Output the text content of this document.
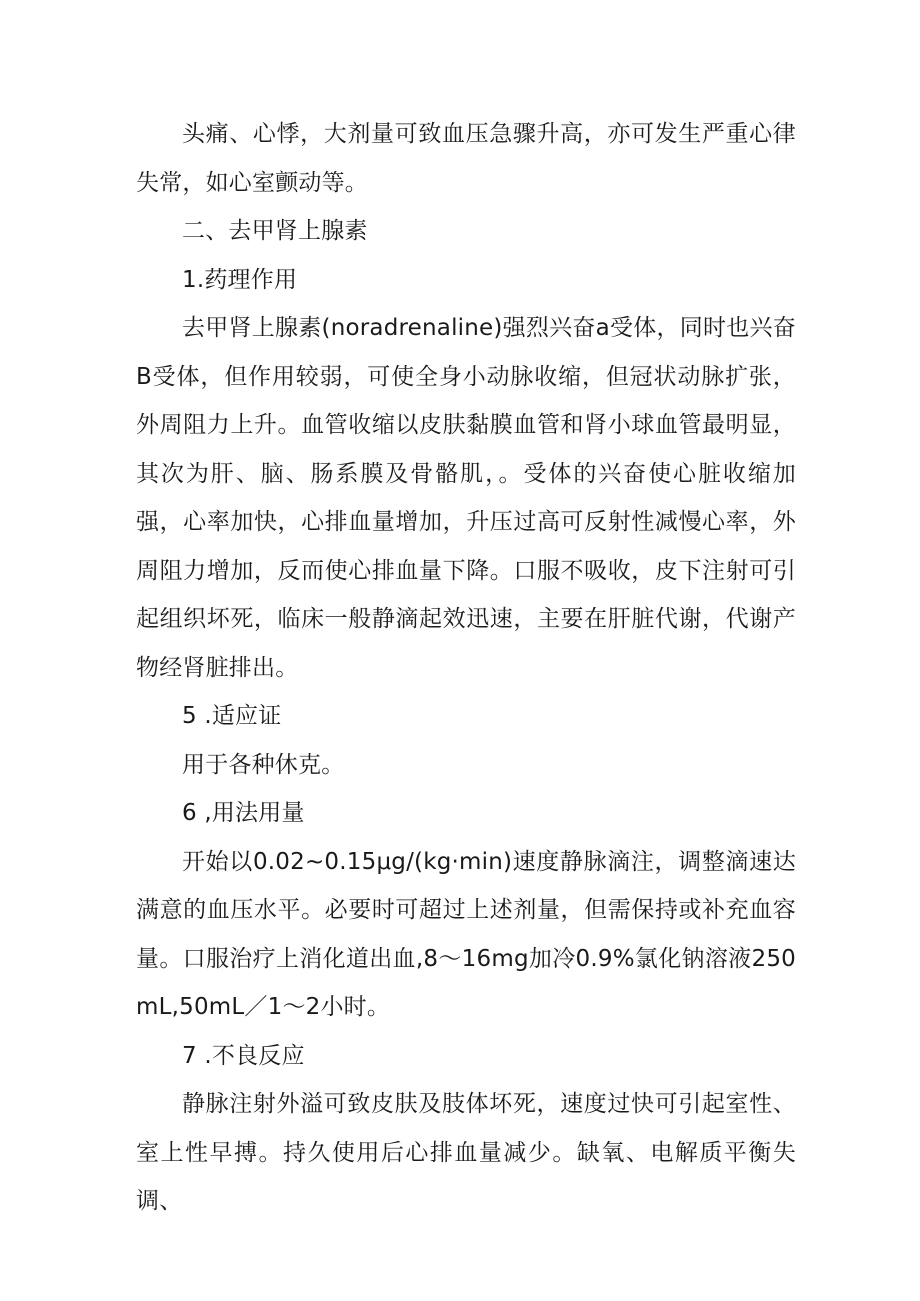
头痛、心悸，大剂量可致血压急骤升高，亦可发生严重心律失常，如心室颤动等。

二、去甲肾上腺素

1.药理作用

去甲肾上腺素(noradrenaline)强烈兴奋a受体，同时也兴奋B受体，但作用较弱，可使全身小动脉收缩，但冠状动脉扩张，外周阻力上升。血管收缩以皮肤黏膜血管和肾小球血管最明显，其次为肝、脑、肠系膜及骨骼肌，。受体的兴奋使心脏收缩加强，心率加快，心排血量增加，升压过高可反射性减慢心率，外周阻力增加，反而使心排血量下降。口服不吸收，皮下注射可引起组织坏死，临床一般静滴起效迅速，主要在肝脏代谢，代谢产物经肾脏排出。

5 .适应证

用于各种休克。

6 ,用法用量

开始以0.02~0.15μg/(kg·min)速度静脉滴注，调整滴速达满意的血压水平。必要时可超过上述剂量，但需保持或补充血容量。口服治疗上消化道出血,8～16mg加冷0.9%氯化钠溶液250mL,50mL／1～2小时。

7 .不良反应

静脉注射外溢可致皮肤及肢体坏死，速度过快可引起室性、室上性早搏。持久使用后心排血量减少。缺氧、电解质平衡失调、
